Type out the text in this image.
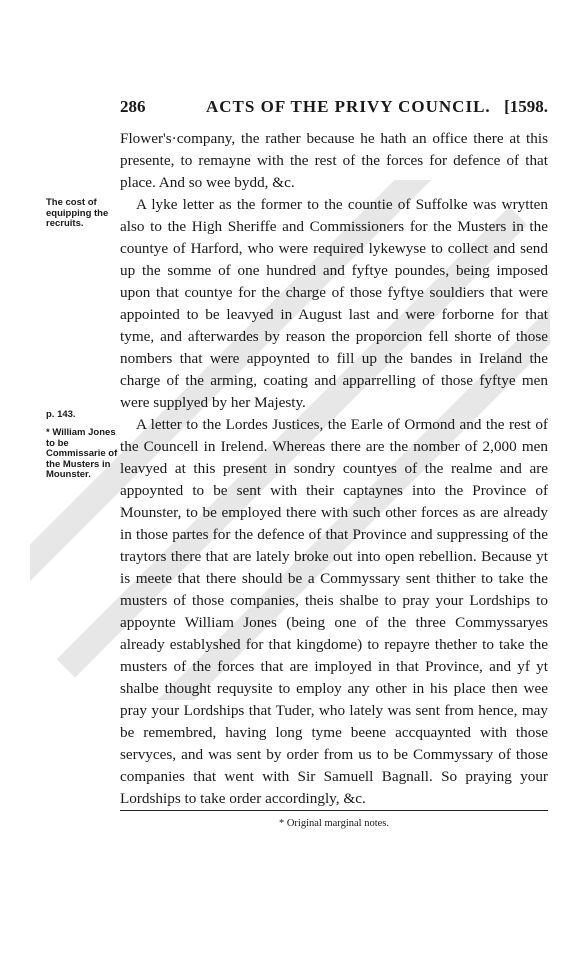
286	ACTS OF THE PRIVY COUNCIL. [1598.
Flower's·company, the rather because he hath an office there at this presente, to remayne with the rest of the forces for defence of that place. And so wee bydd, &c.
A lyke letter as the former to the countie of Suffolke was wrytten also to the High Sheriffe and Commissioners for the Musters in the countye of Harford, who were required lykewyse to collect and send up the somme of one hundred and fyftye poundes, being imposed upon that countye for the charge of those fyftye souldiers that were appointed to be leavyed in August last and were forborne for that tyme, and afterwardes by reason the proporcion fell shorte of those nombers that were appoynted to fill up the bandes in Ireland the charge of the arming, coating and apparrelling of those fyftye men were supplyed by her Majesty.
A letter to the Lordes Justices, the Earle of Ormond and the rest of the Councell in Irelend. Whereas there are the nomber of 2,000 men leavyed at this present in sondry countyes of the realme and are appoynted to be sent with their captaynes into the Province of Mounster, to be employed there with such other forces as are already in those partes for the defence of that Province and suppressing of the traytors there that are lately broke out into open rebellion. Because yt is meete that there should be a Commyssary sent thither to take the musters of those companies, theis shalbe to pray your Lordships to appoynte William Jones (being one of the three Commyssaryes already establyshed for that kingdome) to repayre thether to take the musters of the forces that are imployed in that Province, and yf yt shalbe thought requysite to employ any other in his place then wee pray your Lordships that Tuder, who lately was sent from hence, may be remembred, having long tyme beene accquaynted with those servyces, and was sent by order from us to be Commyssary of those companies that went with Sir Samuell Bagnall. So praying your Lordships to take order accordingly, &c.
The cost of equipping the recruits.
p. 143.
* William Jones to be Commissarie of the Musters in Mounster.
* Original marginal notes.
